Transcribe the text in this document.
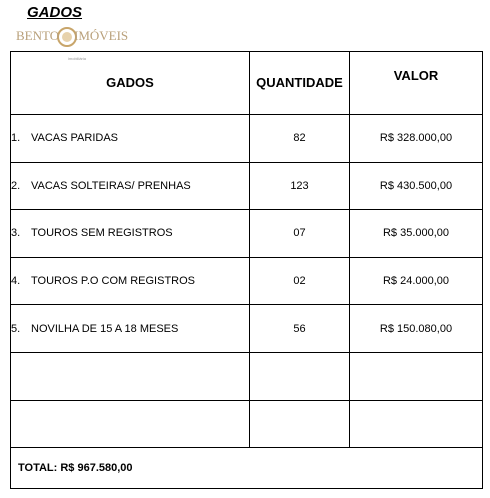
GADOS
BENTO IMÓVEIS
imobiliária
GADOS	QUANTIDADE	VALOR
1. VACAS PARIDAS	82	R$ 328.000,00
2. VACAS SOLTEIRAS/ PRENHAS	123	R$ 430.500,00
3. TOUROS SEM REGISTROS	07	R$ 35.000,00
4. TOUROS P.O COM REGISTROS	02	R$ 24.000,00
5. NOVILHA DE 15 A 18 MESES	56	R$ 150.080,00

TOTAL: R$ 967.580,00		
